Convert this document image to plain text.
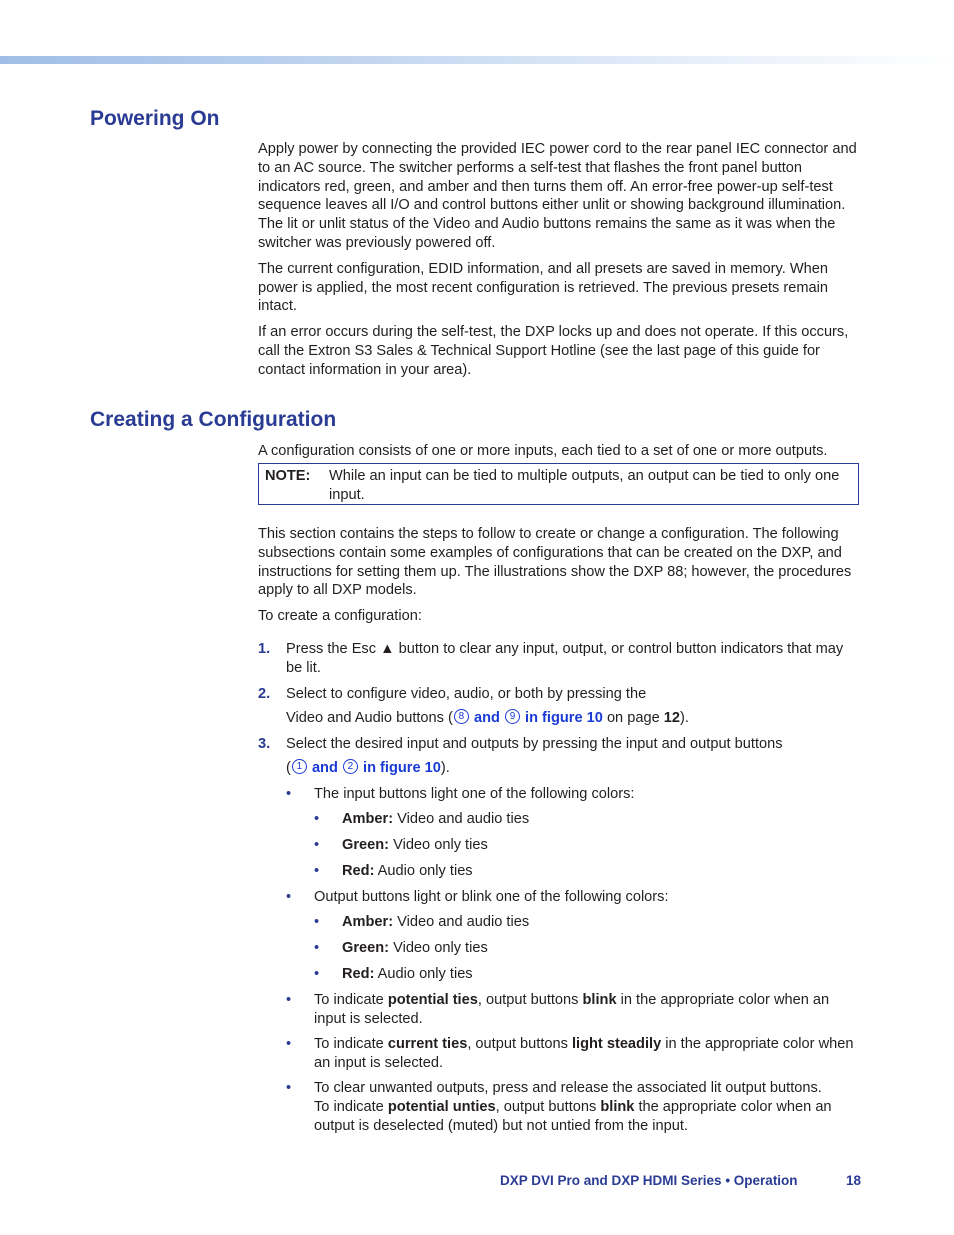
Powering On

Apply power by connecting the provided IEC power cord to the rear panel IEC connector and to an AC source. The switcher performs a self-test that flashes the front panel button indicators red, green, and amber and then turns them off. An error-free power-up self-test sequence leaves all I/O and control buttons either unlit or showing background illumination. The lit or unlit status of the Video and Audio buttons remains the same as it was when the switcher was previously powered off.

The current configuration, EDID information, and all presets are saved in memory. When power is applied, the most recent configuration is retrieved. The previous presets remain intact.

If an error occurs during the self-test, the DXP locks up and does not operate. If this occurs, call the Extron S3 Sales & Technical Support Hotline (see the last page of this guide for contact information in your area).

Creating a Configuration

A configuration consists of one or more inputs, each tied to a set of one or more outputs.

NOTE: While an input can be tied to multiple outputs, an output can be tied to only one input.

This section contains the steps to follow to create or change a configuration. The following subsections contain some examples of configurations that can be created on the DXP, and instructions for setting them up. The illustrations show the DXP 88; however, the procedures apply to all DXP models.

To create a configuration:

1. Press the Esc ▲ button to clear any input, output, or control button indicators that may be lit.
2. Select to configure video, audio, or both by pressing the
Video and Audio buttons ( 8 and 9 in figure 10 on page 12).
3. Select the desired input and outputs by pressing the input and output buttons
( 1 and 2 in figure 10).
• The input buttons light one of the following colors:
• Amber: Video and audio ties
• Green: Video only ties
• Red: Audio only ties
• Output buttons light or blink one of the following colors:
• Amber: Video and audio ties
• Green: Video only ties
• Red: Audio only ties
• To indicate potential ties, output buttons blink in the appropriate color when an input is selected.
• To indicate current ties, output buttons light steadily in the appropriate color when an input is selected.
• To clear unwanted outputs, press and release the associated lit output buttons.
To indicate potential unties, output buttons blink the appropriate color when an output is deselected (muted) but not untied from the input.
DXP DVI Pro and DXP HDMI Series • Operation	18
